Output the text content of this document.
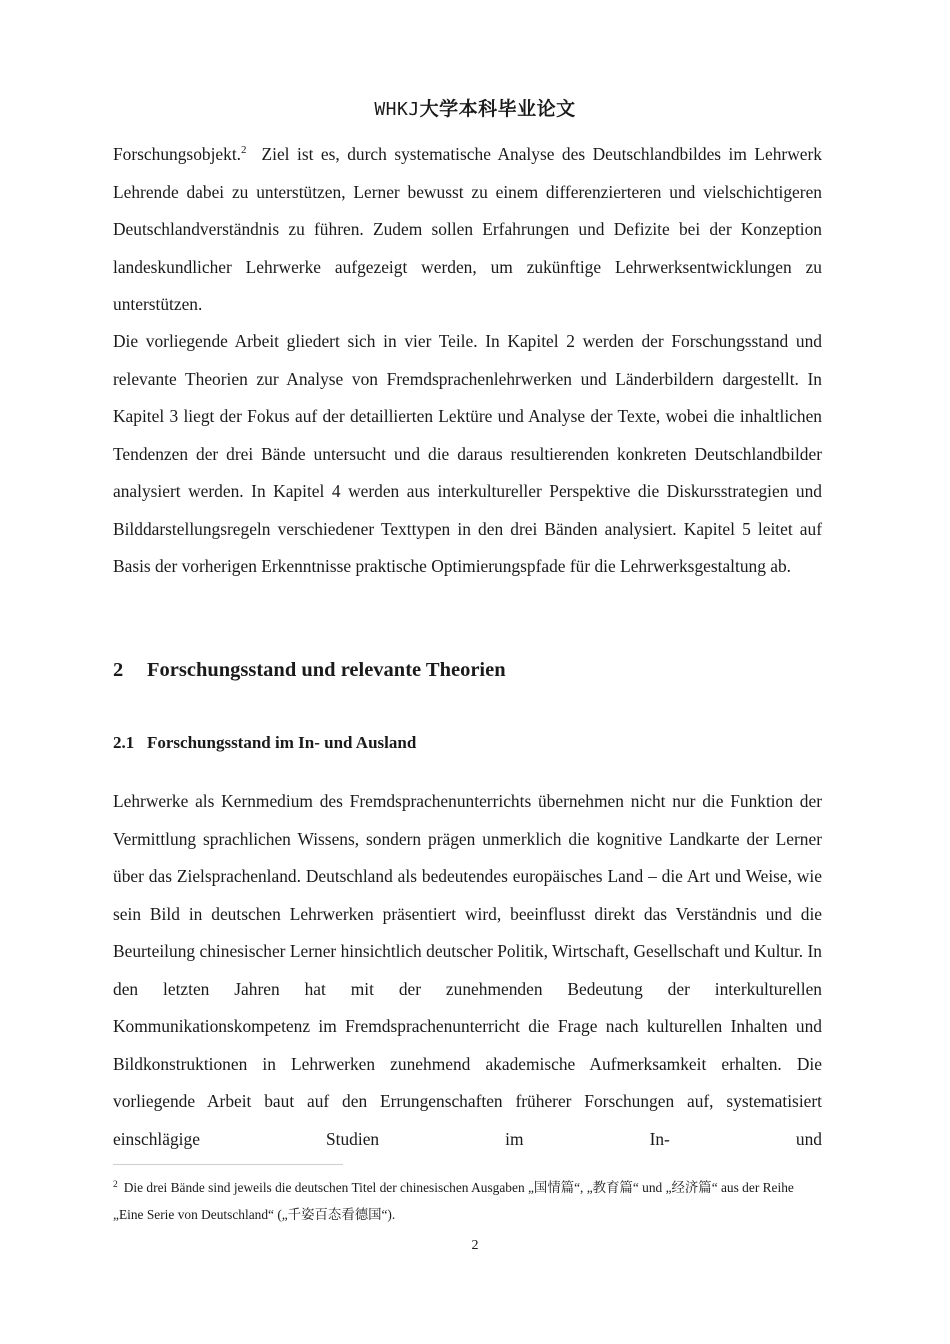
WHKJ大学本科毕业论文

Forschungsobjekt.$^2$ Ziel ist es, durch systematische Analyse des Deutschlandbildes im Lehrwerk Lehrende dabei zu unterstützen, Lerner bewusst zu einem differenzierteren und vielschichtigeren Deutschlandverständnis zu führen. Zudem sollen Erfahrungen und Defizite bei der Konzeption landeskundlicher Lehrwerke aufgezeigt werden, um zukünftige Lehrwerksentwicklungen zu unterstützen.

Die vorliegende Arbeit gliedert sich in vier Teile. In Kapitel 2 werden der Forschungsstand und relevante Theorien zur Analyse von Fremdsprachenlehrwerken und Länderbildern dargestellt. In Kapitel 3 liegt der Fokus auf der detaillierten Lektüre und Analyse der Texte, wobei die inhaltlichen Tendenzen der drei Bände untersucht und die daraus resultierenden konkreten Deutschlandbilder analysiert werden. In Kapitel 4 werden aus interkultureller Perspektive die Diskursstrategien und Bilddarstellungsregeln verschiedener Texttypen in den drei Bänden analysiert. Kapitel 5 leitet auf Basis der vorherigen Erkenntnisse praktische Optimierungspfade für die Lehrwerksgestaltung ab.

2 Forschungsstand und relevante Theorien

2.1 Forschungsstand im In- und Ausland

Lehrwerke als Kernmedium des Fremdsprachenunterrichts übernehmen nicht nur die Funktion der Vermittlung sprachlichen Wissens, sondern prägen unmerklich die kognitive Landkarte der Lerner über das Zielsprachenland. Deutschland als bedeutendes europäisches Land – die Art und Weise, wie sein Bild in deutschen Lehrwerken präsentiert wird, beeinflusst direkt das Verständnis und die Beurteilung chinesischer Lerner hinsichtlich deutscher Politik, Wirtschaft, Gesellschaft und Kultur. In den letzten Jahren hat mit der zunehmenden Bedeutung der interkulturellen Kommunikationskompetenz im Fremdsprachenunterricht die Frage nach kulturellen Inhalten und Bildkonstruktionen in Lehrwerken zunehmend akademische Aufmerksamkeit erhalten. Die vorliegende Arbeit baut auf den Errungenschaften früherer Forschungen auf, systematisiert einschlägige Studien im In- und

$^2$ Die drei Bände sind jeweils die deutschen Titel der chinesischen Ausgaben „国情篇“, „教育篇“ und „经济篇“ aus der Reihe „Eine Serie von Deutschland“ („千姿百态看德国“).
2
